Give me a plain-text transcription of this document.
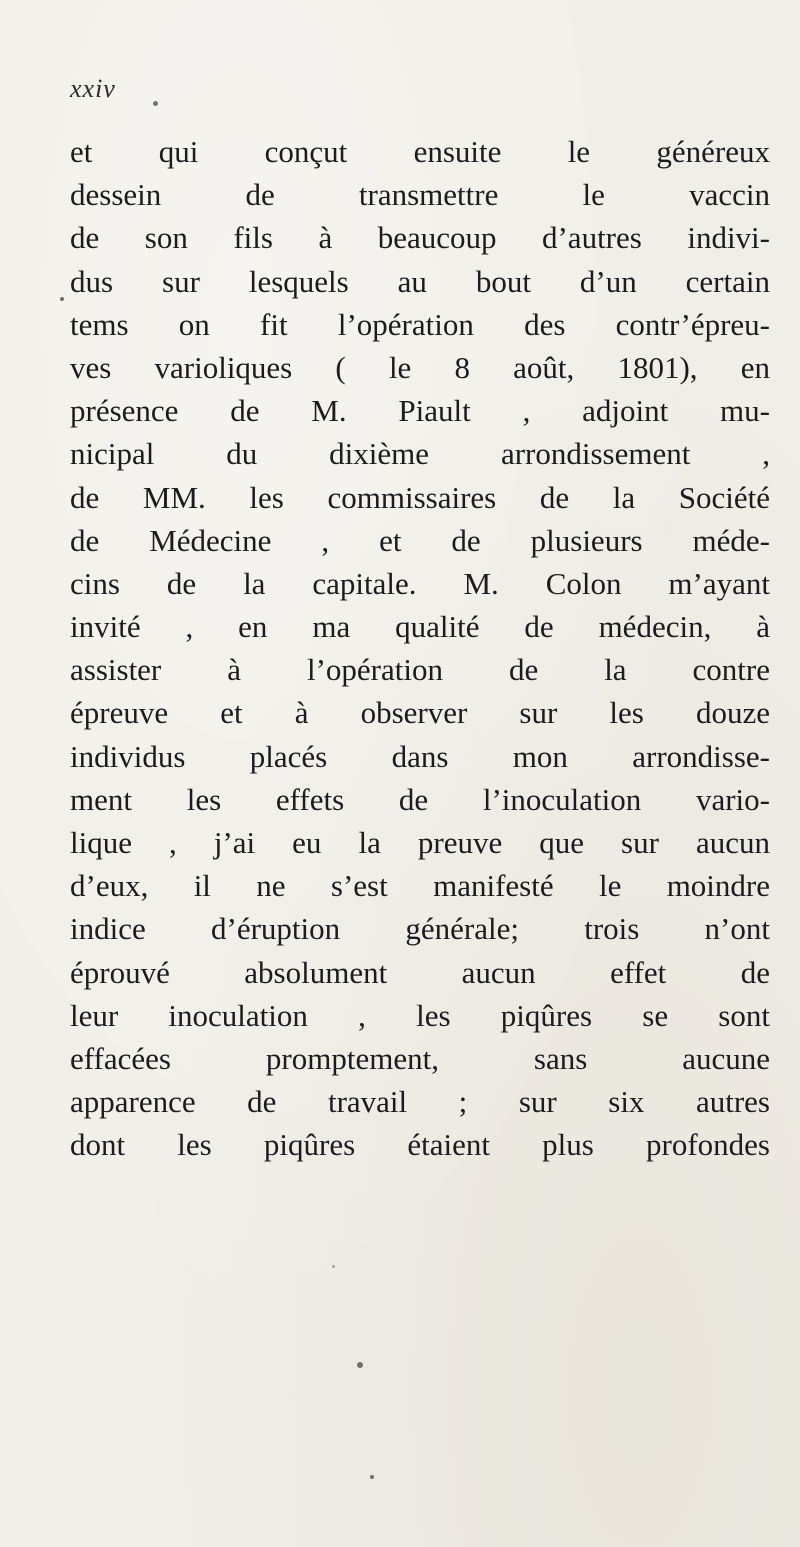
xxiv
et qui conçut ensuite le généreux
dessein de transmettre le vaccin
de son fils à beaucoup d’autres indivi-
dus sur lesquels au bout d’un certain
tems on fit l’opération des contr’épreu-
ves varioliques ( le 8 août, 1801), en
présence de M. Piault , adjoint mu-
nicipal du dixième arrondissement ,
de MM. les commissaires de la Société
de Médecine , et de plusieurs méde-
cins de la capitale. M. Colon m’ayant
invité , en ma qualité de médecin, à
assister à l’opération de la contre
épreuve et à observer sur les douze
individus placés dans mon arrondisse-
ment les effets de l’inoculation vario-
lique , j’ai eu la preuve que sur aucun
d’eux, il ne s’est manifesté le moindre
indice d’éruption générale; trois n’ont
éprouvé absolument aucun effet de
leur inoculation , les piqûres se sont
effacées promptement, sans aucune
apparence de travail ; sur six autres
dont les piqûres étaient plus profondes
